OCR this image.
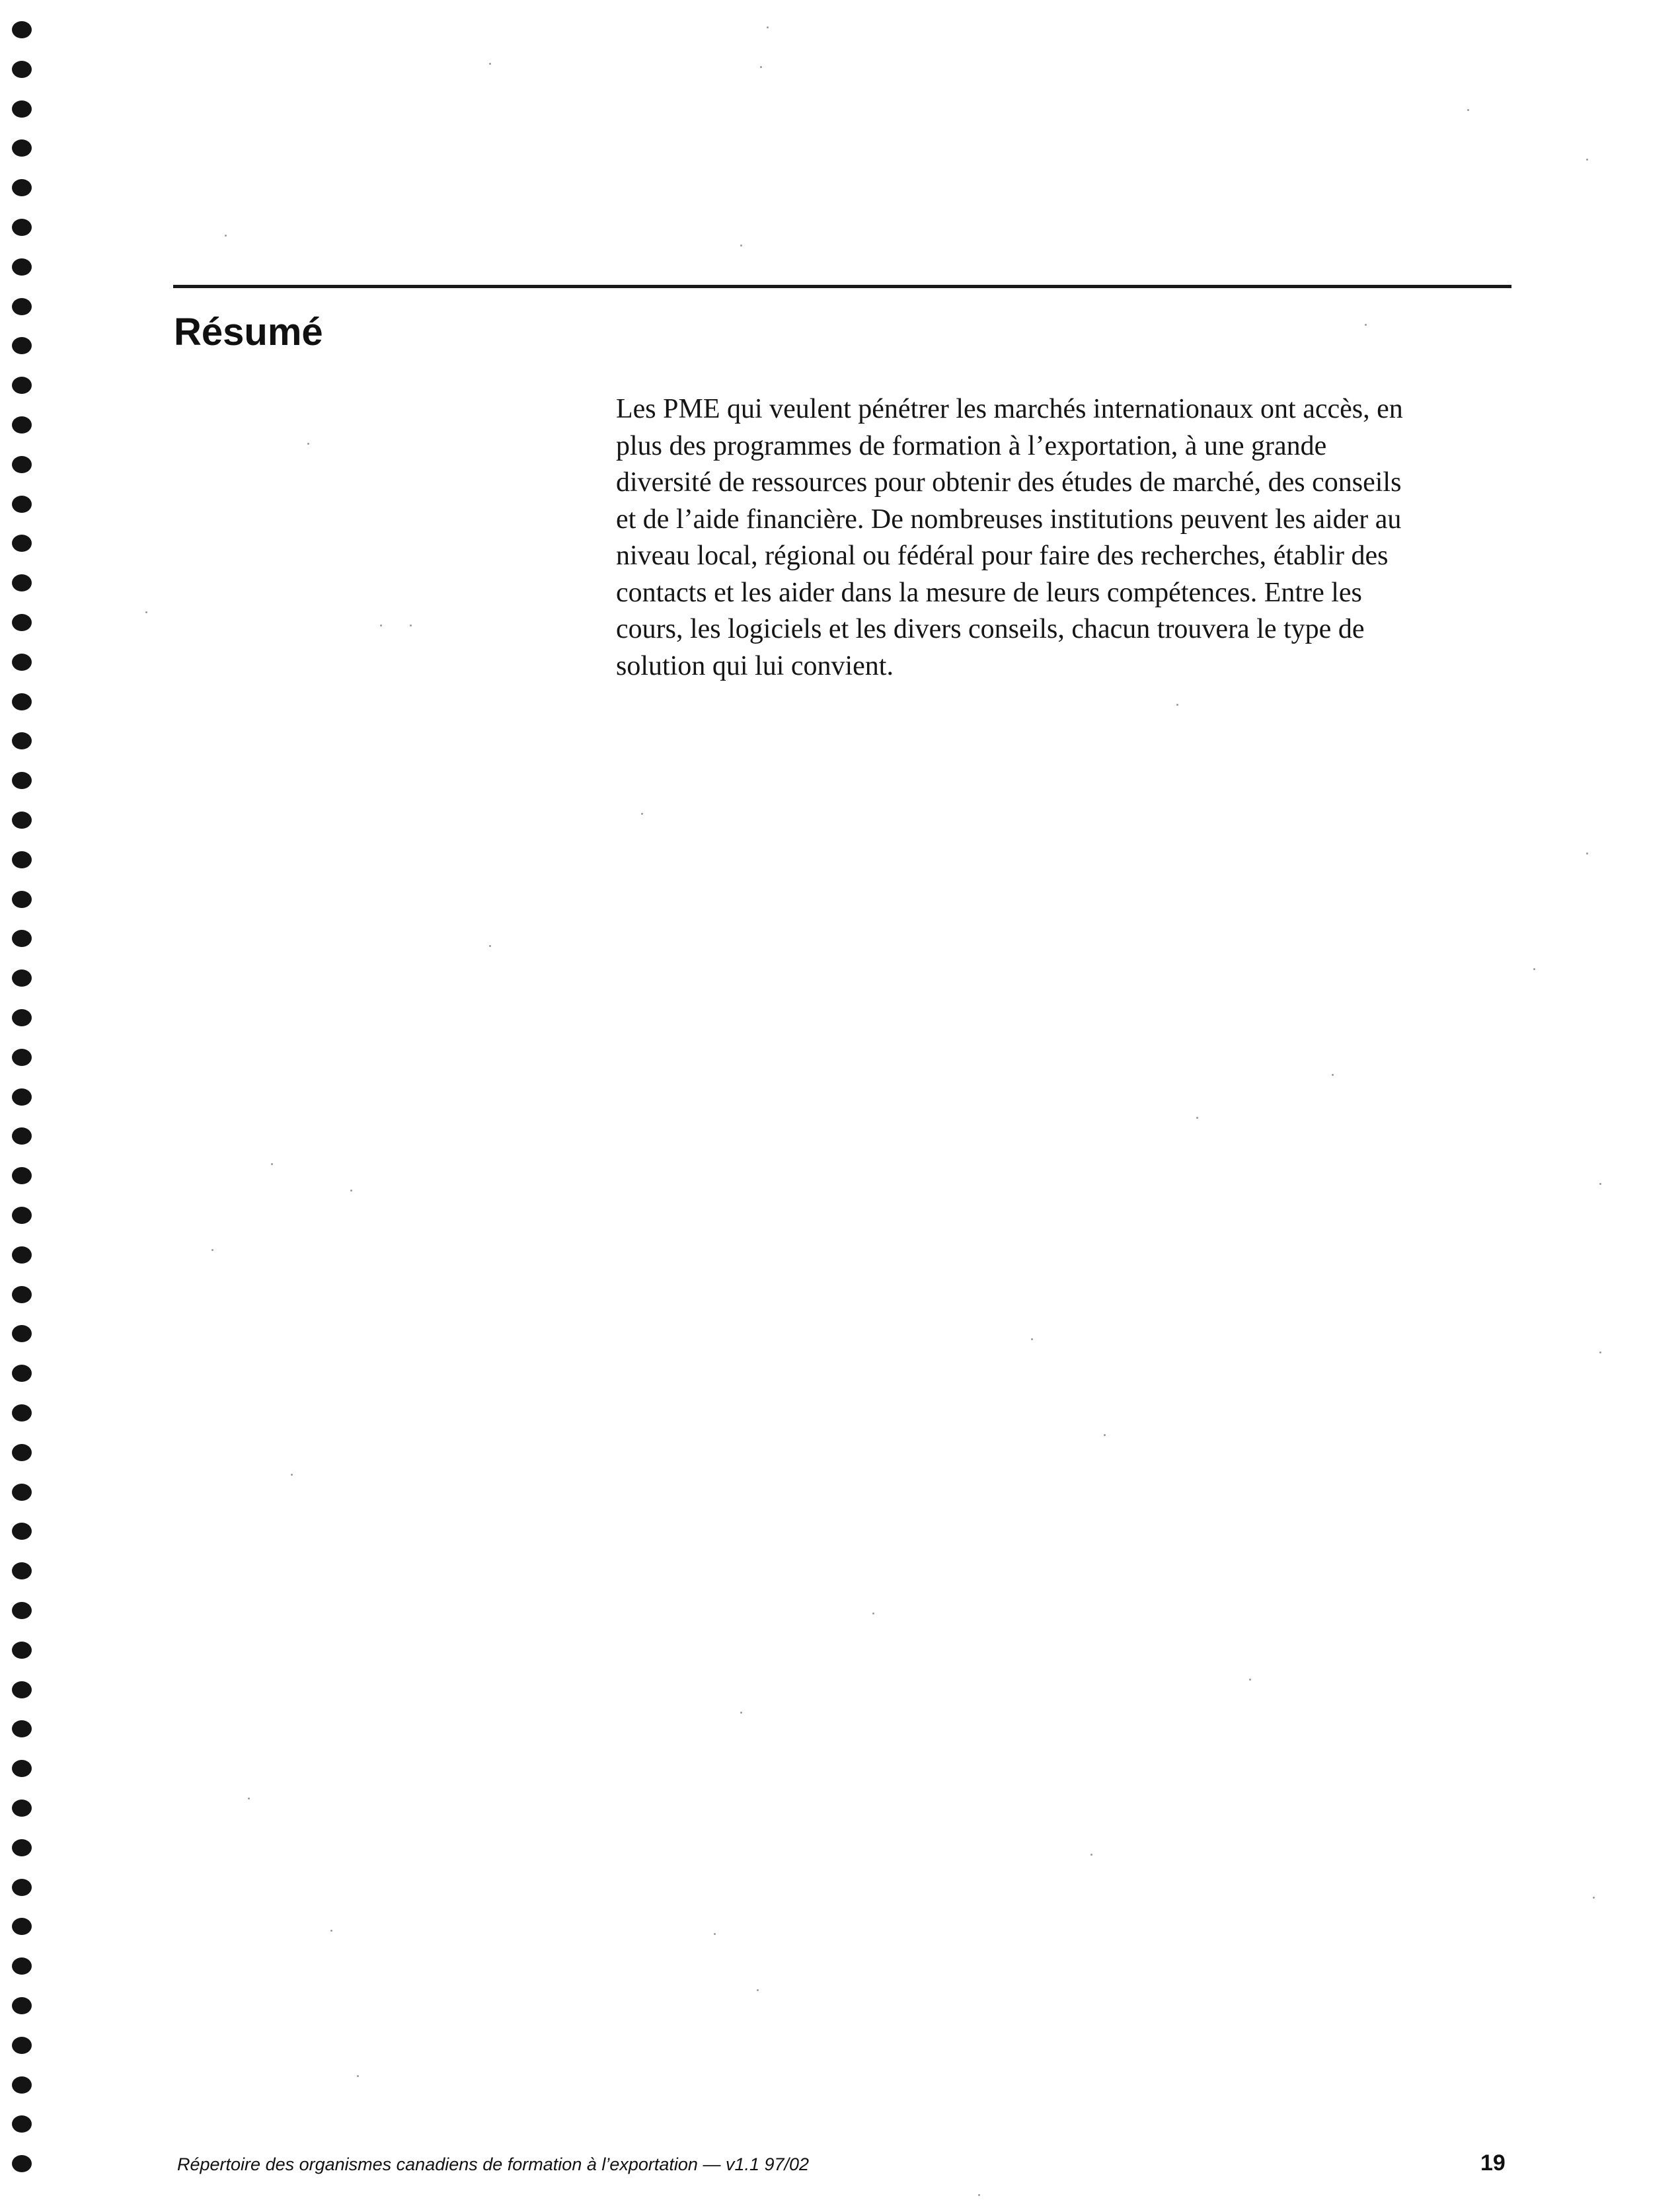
Résumé
Les PME qui veulent pénétrer les marchés internationaux ont accès, en
plus des programmes de formation à l’exportation, à une grande
diversité de ressources pour obtenir des études de marché, des conseils
et de l’aide financière. De nombreuses institutions peuvent les aider au
niveau local, régional ou fédéral pour faire des recherches, établir des
contacts et les aider dans la mesure de leurs compétences. Entre les
cours, les logiciels et les divers conseils, chacun trouvera le type de
solution qui lui convient.

Répertoire des organismes canadiens de formation à l’exportation — v1.1 97/02	19
